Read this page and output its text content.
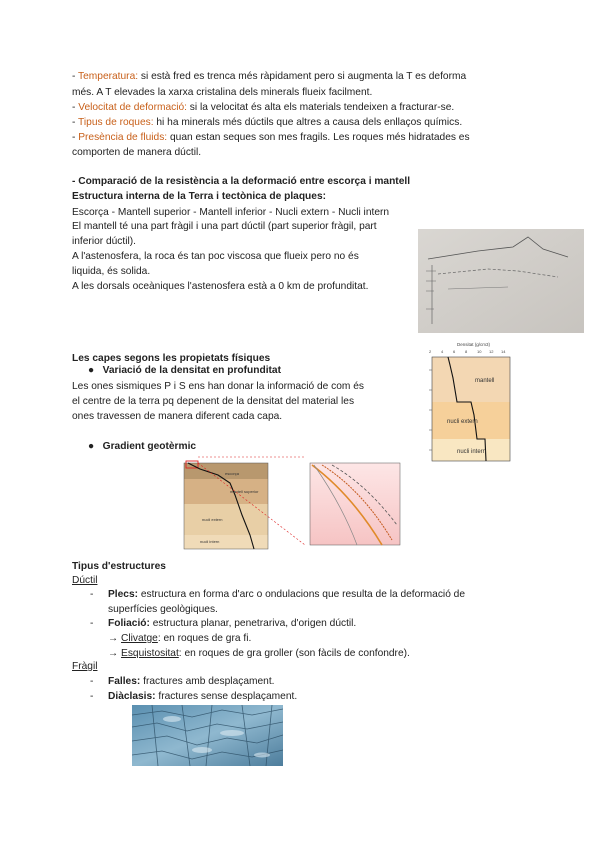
- Temperatura: si està fred es trenca més ràpidament pero si augmenta la T es deforma
més. A T elevades la xarxa cristalina dels minerals flueix facilment.
- Velocitat de deformació: si la velocitat és alta els materials tendeixen a fracturar-se.
- Tipus de roques: hi ha minerals més dúctils que altres a causa dels enllaços químics.
- Presència de fluids: quan estan seques son mes fragils. Les roques més hidratades es
comporten de manera dúctil.
- Comparació de la resistència a la deformació entre escorça i mantell
Estructura interna de la Terra i tectònica de plaques:
Escorça - Mantell superior - Mantell inferior - Nucli extern - Nucli intern
El mantell té una part fràgil i una part dúctil (part superior fràgil, part
inferior dúctil).
A l'astenosfera, la roca és tan poc viscosa que flueix pero no és
liquida, és solida.
A les dorsals oceàniques l'astenosfera està a 0 km de profunditat.
Les capes segons les propietats físiques
●   Variació de la densitat en profunditat
Les ones sismiques P i S ens han donar la informació de com és
el centre de la terra pq depenent de la densitat del material les
ones travessen de manera diferent cada capa.
●   Gradient geotèrmic
Densitat (g/cm3)
2 4 6 8 10 12 14
mantell
nucli extern
nucli intern
escorça
mantell superior
nucli extern
nucli intern
Tipus d'estructures
Dúctil
- Plecs: estructura en forma d'arc o ondulacions que resulta de la deformació de
superfícies geològiques.
- Foliació: estructura planar, penetrariva, d'origen dúctil.
→ Clivatge: en roques de gra fi.
→ Esquistositat: en roques de gra groller (son fàcils de confondre).
Fràgil
- Falles: fractures amb desplaçament.
- Diàclasis: fractures sense desplaçament.
